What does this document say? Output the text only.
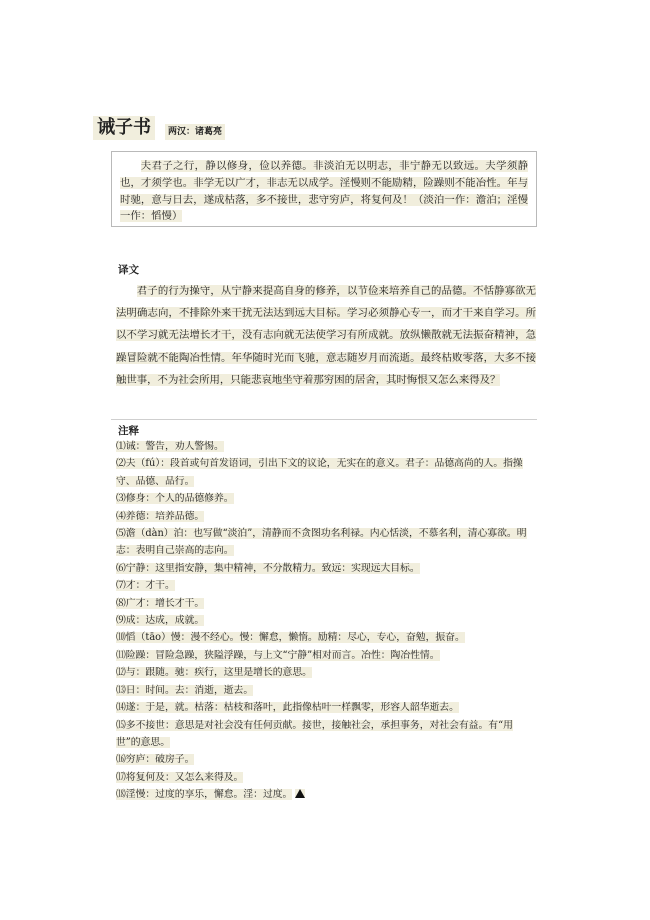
诫子书	两汉：诸葛亮

夫君子之行，静以修身，俭以养德。非淡泊无以明志，非宁静无以致远。夫学须静也，才须学也。非学无以广才，非志无以成学。淫慢则不能励精，险躁则不能冶性。年与时驰，意与日去，遂成枯落，多不接世，悲守穷庐，将复何及！（淡泊一作：澹泊；淫慢 一作：慆慢）

译文

君子的行为操守，从宁静来提高自身的修养，以节俭来培养自己的品德。不恬静寡欲无法明确志向，不排除外来干扰无法达到远大目标。学习必须静心专一，而才干来自学习。所以不学习就无法增长才干，没有志向就无法使学习有所成就。放纵懒散就无法振奋精神，急躁冒险就不能陶冶性情。年华随时光而飞驰，意志随岁月而流逝。最终枯败零落，大多不接触世事，不为社会所用，只能悲哀地坐守着那穷困的居舍，其时悔恨又怎么来得及？

注释

⑴诫：警告，劝人警惕。

⑵夫（fú）：段首或句首发语词，引出下文的议论，无实在的意义。君子：品德高尚的人。指操守、品德、品行。

⑶修身：个人的品德修养。

⑷养德：培养品德。

⑸澹（dàn）泊：也写做“淡泊”，清静而不贪图功名利禄。内心恬淡，不慕名利，清心寡欲。明志：表明自己崇高的志向。

⑹宁静：这里指安静，集中精神，不分散精力。致远：实现远大目标。

⑺才：才干。

⑻广才：增长才干。

⑼成：达成，成就。

⑽慆（tāo）慢：漫不经心。慢：懈怠，懒惰。励精：尽心，专心，奋勉，振奋。

⑾险躁：冒险急躁，狭隘浮躁，与上文“宁静”相对而言。冶性：陶冶性情。

⑿与：跟随。驰：疾行，这里是增长的意思。

⒀日：时间。去：消逝，逝去。

⒁遂：于是，就。枯落：枯枝和落叶，此指像枯叶一样飘零，形容人韶华逝去。

⒂多不接世：意思是对社会没有任何贡献。接世，接触社会，承担事务，对社会有益。有“用世”的意思。

⒃穷庐：破房子。

⒄将复何及：又怎么来得及。

⒅淫慢：过度的享乐，懈怠。淫：过度。
